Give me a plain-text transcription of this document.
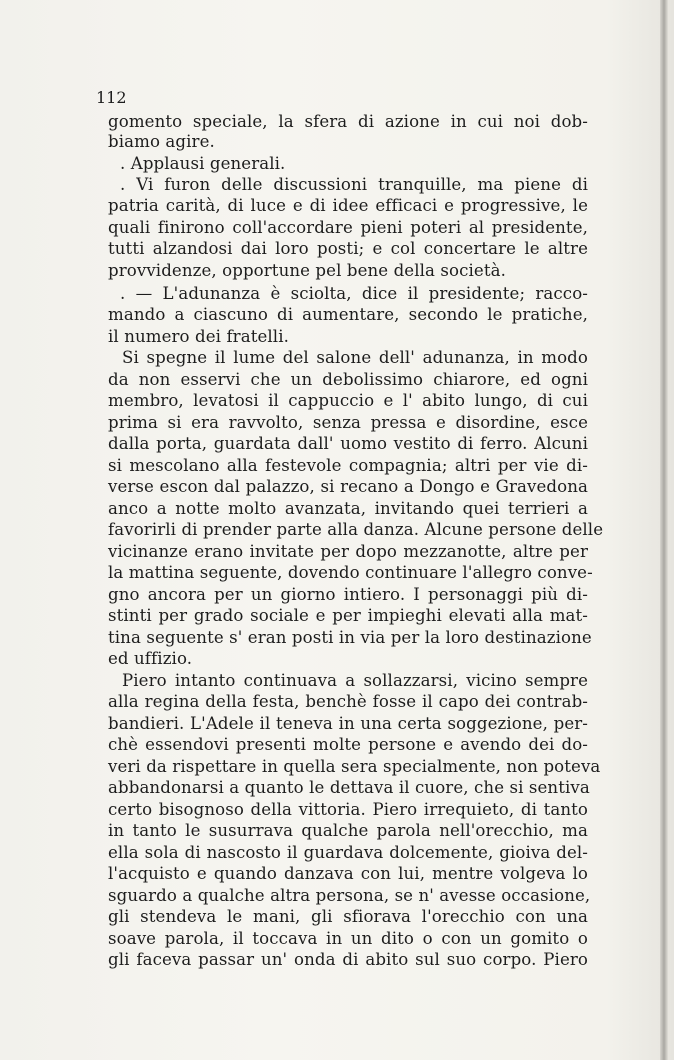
112
gomento speciale, la sfera di azione in cui noi dob-
biamo agire.
. Applausi generali.
. Vi furon delle discussioni tranquille, ma piene di
patria carità, di luce e di idee efficaci e progressive, le
quali finirono coll'accordare pieni poteri al presidente,
tutti alzandosi dai loro posti; e col concertare le altre
provvidenze, opportune pel bene della società.
. — L'adunanza è sciolta, dice il presidente; racco-
mando a ciascuno di aumentare, secondo le pratiche,
il numero dei fratelli.
Si spegne il lume del salone dell' adunanza, in modo
da non esservi che un debolissimo chiarore, ed ogni
membro, levatosi il cappuccio e l' abito lungo, di cui
prima si era ravvolto, senza pressa e disordine, esce
dalla porta, guardata dall' uomo vestito di ferro. Alcuni
si mescolano alla festevole compagnia; altri per vie di-
verse escon dal palazzo, si recano a Dongo e Gravedona
anco a notte molto avanzata, invitando quei terrieri a
favorirli di prender parte alla danza. Alcune persone delle
vicinanze erano invitate per dopo mezzanotte, altre per
la mattina seguente, dovendo continuare l'allegro conve-
gno ancora per un giorno intiero. I personaggi più di-
stinti per grado sociale e per impieghi elevati alla mat-
tina seguente s' eran posti in via per la loro destinazione
ed uffizio.
Piero intanto continuava a sollazzarsi, vicino sempre
alla regina della festa, benchè fosse il capo dei contrab-
bandieri. L'Adele il teneva in una certa soggezione, per-
chè essendovi presenti molte persone e avendo dei do-
veri da rispettare in quella sera specialmente, non poteva
abbandonarsi a quanto le dettava il cuore, che si sentiva
certo bisognoso della vittoria. Piero irrequieto, di tanto
in tanto le susurrava qualche parola nell'orecchio, ma
ella sola di nascosto il guardava dolcemente, gioiva del-
l'acquisto e quando danzava con lui, mentre volgeva lo
sguardo a qualche altra persona, se n' avesse occasione,
gli stendeva le mani, gli sfiorava l'orecchio con una
soave parola, il toccava in un dito o con un gomito o
gli faceva passar un' onda di abito sul suo corpo. Piero
